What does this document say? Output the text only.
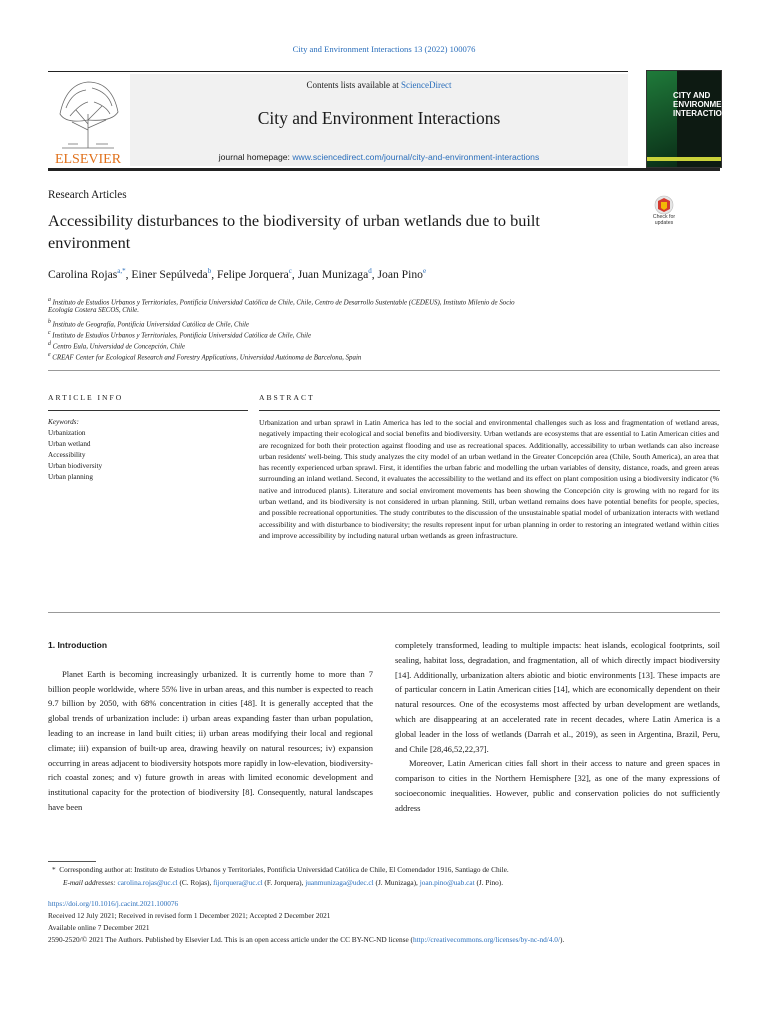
City and Environment Interactions 13 (2022) 100076
ELSEVIER
Contents lists available at ScienceDirect
City and Environment Interactions
journal homepage: www.sciencedirect.com/journal/city-and-environment-interactions
CITY AND ENVIRONMENT INTERACTIONS
Research Articles
Accessibility disturbances to the biodiversity of urban wetlands due to built environment
Check for updates
Carolina Rojas$^{a,*}$, Einer Sepúlveda$^b$, Felipe Jorquera$^c$, Juan Munizaga$^d$, Joan Pino$^e$
$^a$ Instituto de Estudios Urbanos y Territoriales, Pontificia Universidad Católica de Chile, Chile, Centro de Desarrollo Sustentable (CEDEUS), Instituto Milenio de Socio
Ecología Costera SECOS, Chile.
$^b$ Instituto de Geografía, Pontificia Universidad Católica de Chile, Chile
$^c$ Instituto de Estudios Urbanos y Territoriales, Pontificia Universidad Católica de Chile, Chile
$^d$ Centro Eula, Universidad de Concepción, Chile
$^e$ CREAF Center for Ecological Research and Forestry Applications, Universidad Autónoma de Barcelona, Spain
ARTICLE INFO
Keywords:
Urbanization
Urban wetland
Accessibility
Urban biodiversity
Urban planning
ABSTRACT
Urbanization and urban sprawl in Latin America has led to the social and environmental challenges such as loss and fragmentation of wetland areas, negatively impacting their ecological and social benefits and biodiversity. Urban wetlands are ecosystems that are essential to Latin American cities and are recognized for both their protection against flooding and use as recreational spaces. Additionally, accessibility to urban wetlands can also increase urban residents' well-being. This study analyzes the city model of an urban wetland in the Greater Concepción area (Chile, South America), an area that has recently experienced urban sprawl. First, it identifies the urban fabric and modelling the urban variables of density, distance, roads, and green areas surrounding an inland wetland. Second, it evaluates the accessibility to the wetland and its effect on plant composition using a biodiversity indicator (% native and introduced plants). Literature and social enviroment movements has been showing the Concepción city is growing with no regard for its urban wetland, and its biodiversity is not considered in urban planning. Still, urban wetland remains does have potential benefits for people, species, and possible recreational opportunities. The study contributes to the discussion of the unsustainable spatial model of urbanization interacts with wetland accessibility and with disturbance to biodiversity; the results represent input for urban planning in order to restoring an integrated wetland within cities and improve accessibility by including natural urban wetlands as green infrastructure.
1. Introduction

Planet Earth is becoming increasingly urbanized. It is currently home to more than 7 billion people worldwide, where 55% live in urban areas, and this number is expected to reach 9.7 billion by 2050, with 68% concentration in cities [48]. It is generally accepted that the global trends of urbanization include: i) urban areas expanding faster than urban population, leading to an increase in land built cities; ii) urban areas modifying their local and regional climate; iii) expansion of built-up area, drawing heavily on natural resources; iv) expansion occurring in areas adjacent to biodiversity hotspots more rapidly in low-elevation, biodiversity-rich coastal zones; and v) future growth in areas with limited economic development and institutional capacity for the protection of biodiversity [8]. Consequently, natural landscapes have been

completely transformed, leading to multiple impacts: heat islands, ecological footprints, soil sealing, habitat loss, degradation, and fragmentation, all of which directly impact biodiversity [14]. Additionally, urbanization alters abiotic and biotic environments [13]. These impacts are of particular concern in Latin American cities [14], which are economically dependent on their natural resources. One of the ecosystems most affected by urban development are wetlands, which are disappearing at an accelerated rate in recent decades, where Latin America is a global leader in the loss of wetlands (Darrah et al., 2019), as seen in Argentina, Brazil, Peru, and Chile [28,46,52,22,37].

Moreover, Latin American cities fall short in their access to nature and green spaces in comparison to cities in the Northern Hemisphere [32], as one of the many expressions of socioeconomic inequalities. However, public and conservation policies do not sufficiently address

*  Corresponding author at: Instituto de Estudios Urbanos y Territoriales, Pontificia Universidad Católica de Chile, El Comendador 1916, Santiago de Chile.
E-mail addresses: carolina.rojas@uc.cl (C. Rojas), fijorquera@uc.cl (F. Jorquera), juanmunizaga@udec.cl (J. Munizaga), joan.pino@uab.cat (J. Pino).
https://doi.org/10.1016/j.cacint.2021.100076
Received 12 July 2021; Received in revised form 1 December 2021; Accepted 2 December 2021
Available online 7 December 2021
2590-2520/© 2021 The Authors. Published by Elsevier Ltd. This is an open access article under the CC BY-NC-ND license (http://creativecommons.org/licenses/by-nc-nd/4.0/).
